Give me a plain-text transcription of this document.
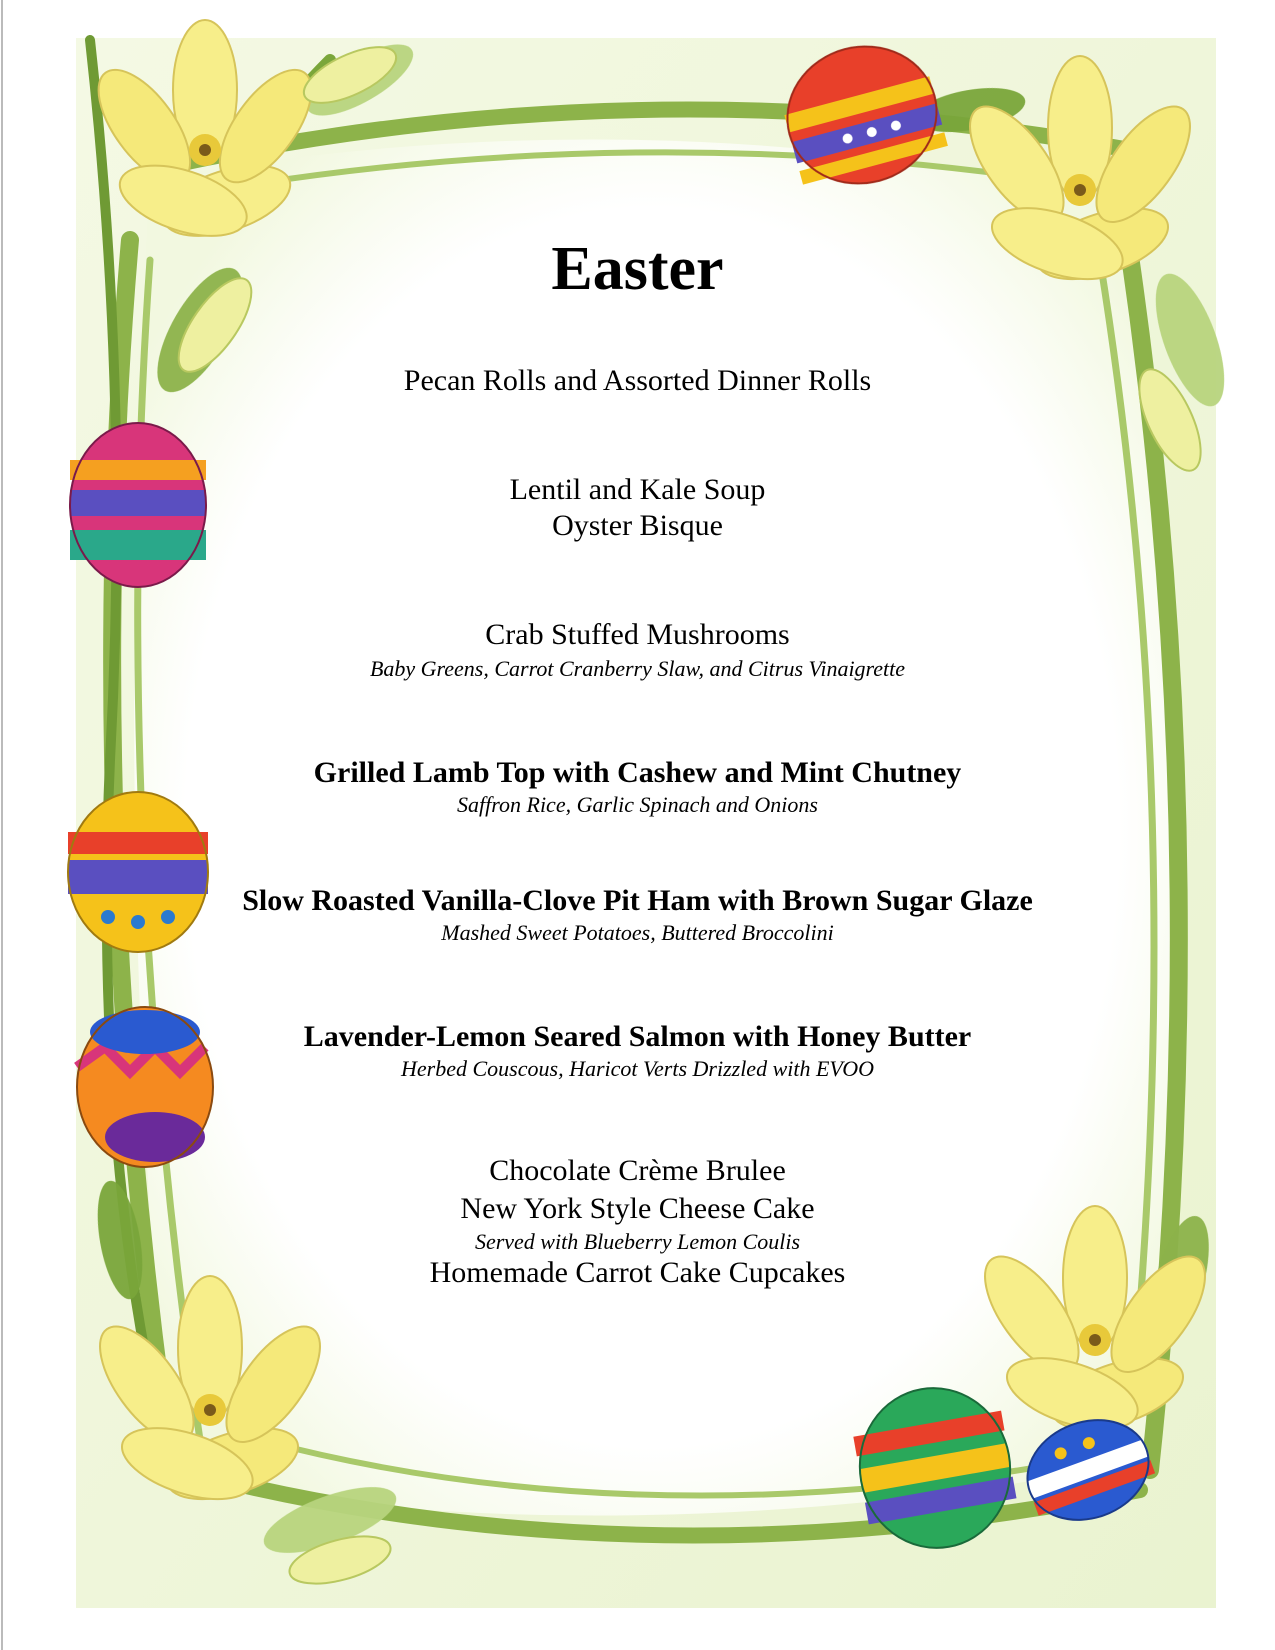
Easter

Pecan Rolls and Assorted Dinner Rolls

Lentil and Kale Soup

Oyster Bisque

Crab Stuffed Mushrooms

Baby Greens, Carrot Cranberry Slaw, and Citrus Vinaigrette

Grilled Lamb Top with Cashew and Mint Chutney

Saffron Rice, Garlic Spinach and Onions

Slow Roasted Vanilla-Clove Pit Ham with Brown Sugar Glaze

Mashed Sweet Potatoes, Buttered Broccolini

Lavender-Lemon Seared Salmon with Honey Butter

Herbed Couscous, Haricot Verts Drizzled with EVOO

Chocolate Crème Brulee

New York Style Cheese Cake

Served with Blueberry Lemon Coulis

Homemade Carrot Cake Cupcakes
